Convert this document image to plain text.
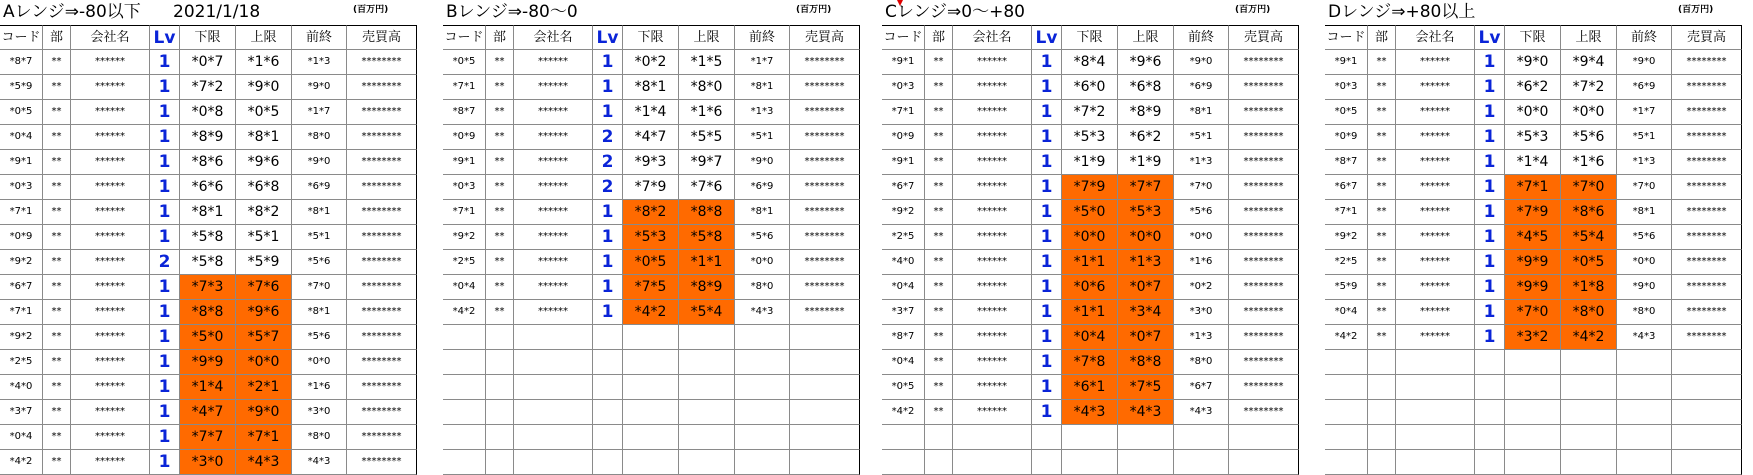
Aレンジ⇒-80以下 2021/1/18	(百万円)
コード 部	会社名	Lv	下限	上限	前終	売買高
*8*7	**	******	1	*0*7	*1*6	*1*3	********
*5*9	**	******	1	*7*2	*9*0	*9*0	********
*0*5	**	******	1	*0*8	*0*5	*1*7	********
*0*4	**	******	1	*8*9	*8*1	*8*0	********
*9*1	**	******	1	*8*6	*9*6	*9*0	********
*0*3	**	******	1	*6*6	*6*8	*6*9	********
*7*1	**	******	1	*8*1	*8*2	*8*1	********
*0*9	**	******	1	*5*8	*5*1	*5*1	********
*9*2	**	******	2	*5*8	*5*9	*5*6	********
*6*7	**	******	1	*7*3	*7*6	*7*0	********
*7*1	**	******	1	*8*8	*9*6	*8*1	********
*9*2	**	******	1	*5*0	*5*7	*5*6	********
*2*5	**	******	1	*9*9	*0*0	*0*0	********
*4*0	**	******	1	*1*4	*2*1	*1*6	********
*3*7	**	******	1	*4*7	*9*0	*3*0	********
*0*4	**	******	1	*7*7	*7*1	*8*0	********
*4*2	**	******	1	*3*0	*4*3	*4*3	********
Bレンジ⇒-80～0	(百万円)
コード 部	会社名	Lv	下限	上限	前終	売買高
*0*5	**	******	1	*0*2	*1*5	*1*7	********
*7*1	**	******	1	*8*1	*8*0	*8*1	********
*8*7	**	******	1	*1*4	*1*6	*1*3	********
*0*9	**	******	2	*4*7	*5*5	*5*1	********
*9*1	**	******	2	*9*3	*9*7	*9*0	********
*0*3	**	******	2	*7*9	*7*6	*6*9	********
*7*1	**	******	1	*8*2	*8*8	*8*1	********
*9*2	**	******	1	*5*3	*5*8	*5*6	********
*2*5	**	******	1	*0*5	*1*1	*0*0	********
*0*4	**	******	1	*7*5	*8*9	*8*0	********
*4*2	**	******	1	*4*2	*5*4	*4*3	********
Cレンジ⇒0～+80	(百万円)
コード 部	会社名	Lv	下限	上限	前終	売買高
*9*1	**	******	1	*8*4	*9*6	*9*0	********
*0*3	**	******	1	*6*0	*6*8	*6*9	********
*7*1	**	******	1	*7*2	*8*9	*8*1	********
*0*9	**	******	1	*5*3	*6*2	*5*1	********
*9*1	**	******	1	*1*9	*1*9	*1*3	********
*6*7	**	******	1	*7*9	*7*7	*7*0	********
*9*2	**	******	1	*5*0	*5*3	*5*6	********
*2*5	**	******	1	*0*0	*0*0	*0*0	********
*4*0	**	******	1	*1*1	*1*3	*1*6	********
*0*4	**	******	1	*0*6	*0*7	*0*2	********
*3*7	**	******	1	*1*1	*3*4	*3*0	********
*8*7	**	******	1	*0*4	*0*7	*1*3	********
*0*4	**	******	1	*7*8	*8*8	*8*0	********
*0*5	**	******	1	*6*1	*7*5	*6*7	********
*4*2	**	******	1	*4*3	*4*3	*4*3	********
Dレンジ⇒+80以上	(百万円)
コード 部	会社名	Lv	下限	上限	前終	売買高
*9*1	**	******	1	*9*0	*9*4	*9*0	********
*0*3	**	******	1	*6*2	*7*2	*6*9	********
*0*5	**	******	1	*0*0	*0*0	*1*7	********
*0*9	**	******	1	*5*3	*5*6	*5*1	********
*8*7	**	******	1	*1*4	*1*6	*1*3	********
*6*7	**	******	1	*7*1	*7*0	*7*0	********
*7*1	**	******	1	*7*9	*8*6	*8*1	********
*9*2	**	******	1	*4*5	*5*4	*5*6	********
*2*5	**	******	1	*9*9	*0*5	*0*0	********
*5*9	**	******	1	*9*9	*1*8	*9*0	********
*0*4	**	******	1	*7*0	*8*0	*8*0	********
*4*2	**	******	1	*3*2	*4*2	*4*3	********
